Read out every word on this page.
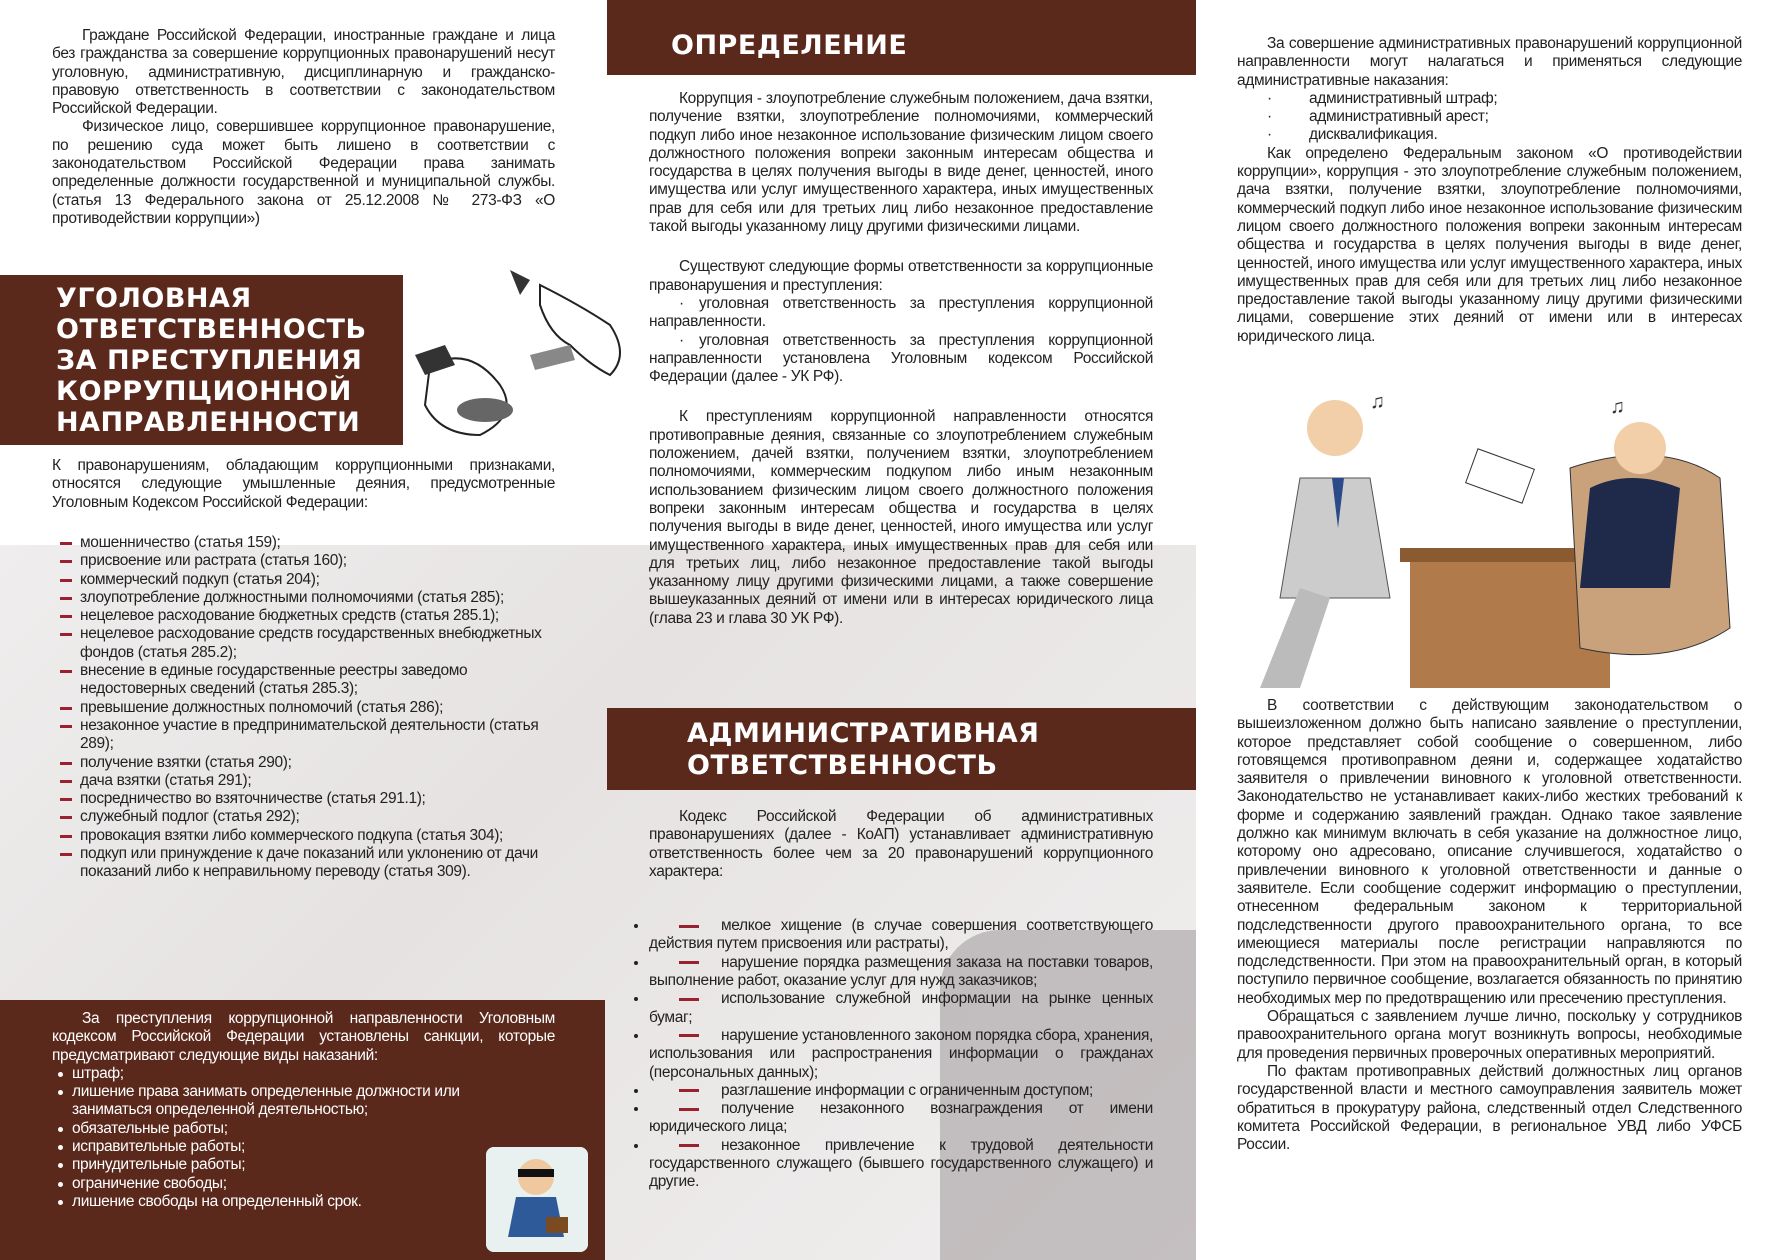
Граждане Российской Федерации, иностранные граждане и лица без гражданства за совершение коррупционных правонарушений несут уголовную, административную, дисциплинарную и гражданско-правовую ответственность в соответствии с законодательством Российской Федерации.

Физическое лицо, совершившее коррупционное правонарушение, по решению суда может быть лишено в соответствии с законодательством Российской Федерации права занимать определенные должности государственной и муниципальной службы.(статья 13 Федерального закона от 25.12.2008 № 273-ФЗ «О противодействии коррупции»)

УГОЛОВНАЯ ОТВЕТСТВЕННОСТЬ ЗА ПРЕСТУПЛЕНИЯ КОРРУПЦИОННОЙ НАПРАВЛЕННОСТИ
К правонарушениям, обладающим коррупционными признаками, относятся следующие умышленные деяния, предусмотренные Уголовным Кодексом Российской Федерации:
мошенничество (статья 159);
присвоение или растрата (статья 160);
коммерческий подкуп (статья 204);
злоупотребление должностными полномочиями (статья 285);
нецелевое расходование бюджетных средств (статья 285.1);
нецелевое расходование средств государственных внебюджетных фондов (статья 285.2);
внесение в единые государственные реестры заведомо недостоверных сведений (статья 285.3);
превышение должностных полномочий (статья 286);
незаконное участие в предпринимательской деятельности (статья 289);
получение взятки (статья 290);
дача взятки (статья 291);
посредничество во взяточничестве (статья 291.1);
служебный подлог (статья 292);
провокация взятки либо коммерческого подкупа (статья 304);
подкуп или принуждение к даче показаний или уклонению от дачи показаний либо к неправильному переводу (статья 309).

За преступления коррупционной направленности Уголовным кодексом Российской Федерации установлены санкции, которые предусматривают следующие виды наказаний:

штраф;
лишение права занимать определенные должности или заниматься определенной деятельностью;
обязательные работы;
исправительные работы;
принудительные работы;
ограничение свободы;
лишение свободы на определенный срок.
ОПРЕДЕЛЕНИЕ

Коррупция - злоупотребление служебным положением, дача взятки, получение взятки, злоупотребление полномочиями, коммерческий подкуп либо иное незаконное использование физическим лицом своего должностного положения вопреки законным интересам общества и государства в целях получения выгоды в виде денег, ценностей, иного имущества или услуг имущественного характера, иных имущественных прав для себя или для третьих лиц либо незаконное предоставление такой выгоды указанному лицу другими физическими лицами.

Существуют следующие формы ответственности за коррупционные правонарушения и преступления:

· уголовная ответственность за преступления коррупционной направленности.
· уголовная ответственность за преступления коррупционной направленности установлена Уголовным кодексом Российской Федерации (далее - УК РФ).

К преступлениям коррупционной направленности относятся противоправные деяния, связанные со злоупотреблением служебным положением, дачей взятки, получением взятки, злоупотреблением полномочиями, коммерческим подкупом либо иным незаконным использованием физическим лицом своего должностного положения вопреки законным интересам общества и государства в целях получения выгоды в виде денег, ценностей, иного имущества или услуг имущественного характера, иных имущественных прав для себя или для третьих лиц, либо незаконное предоставление такой выгоды указанному лицу другими физическими лицами, а также совершение вышеуказанных деяний от имени или в интересах юридического лица (глава 23 и глава 30 УК РФ).

АДМИНИСТРАТИВНАЯ ОТВЕТСТВЕННОСТЬ

Кодекс Российской Федерации об административных правонарушениях (далее - КоАП) устанавливает административную ответственность более чем за 20 правонарушений коррупционного характера:

• мелкое хищение (в случае совершения соответствующего действия путем присвоения или растраты),
• нарушение порядка размещения заказа на поставки товаров, выполнение работ, оказание услуг для нужд заказчиков;
• использование служебной информации на рынке ценных бумаг;
• нарушение установленного законом порядка сбора, хранения, использования или распространения информации о гражданах (персональных данных);
• разглашение информации с ограниченным доступом;
• получение незаконного вознаграждения от имени юридического лица;
• незаконное привлечение к трудовой деятельности государственного служащего (бывшего государственного служащего) и другие.

За совершение административных правонарушений коррупционной направленности могут налагаться и применяться следующие административные наказания:

· административный штраф;
· административный арест;
· дисквалификация.

Как определено Федеральным законом «О противодействии коррупции», коррупция - это злоупотребление служебным положением, дача взятки, получение взятки, злоупотребление полномочиями, коммерческий подкуп либо иное незаконное использование физическим лицом своего должностного положения вопреки законным интересам общества и государства в целях получения выгоды в виде денег, ценностей, иного имущества или услуг имущественного характера, иных имущественных прав для себя или для третьих лиц либо незаконное предоставление такой выгоды указанному лицу другими физическими лицами, совершение этих деяний от имени или в интересах юридического лица.

♫	♫

В соответствии с действующим законодательством о вышеизложенном должно быть написано заявление о преступлении, которое представляет собой сообщение о совершенном, либо готовящемся противоправном деяни и, содержащее ходатайство заявителя о привлечении виновного к уголовной ответственности. Законодательство не устанавливает каких-либо жестких требований к форме и содержанию заявлений граждан. Однако такое заявление должно как минимум включать в себя указание на должностное лицо, которому оно адресовано, описание случившегося, ходатайство о привлечении виновного к уголовной ответственности и данные о заявителе. Если сообщение содержит информацию о преступлении, отнесенном федеральным законом к территориальной подследственности другого правоохранительного органа, то все имеющиеся материалы после регистрации направляются по подследственности. При этом на правоохранительный орган, в который поступило первичное сообщение, возлагается обязанность по принятию необходимых мер по предотвращению или пресечению преступления.

Обращаться с заявлением лучше лично, поскольку у сотрудников правоохранительного органа могут возникнуть вопросы, необходимые для проведения первичных проверочных оперативных мероприятий.

По фактам противоправных действий должностных лиц органов государственной власти и местного самоуправления заявитель может обратиться в прокуратуру района, следственный отдел Следственного комитета Российской Федерации, в региональное УВД либо УФСБ России.
